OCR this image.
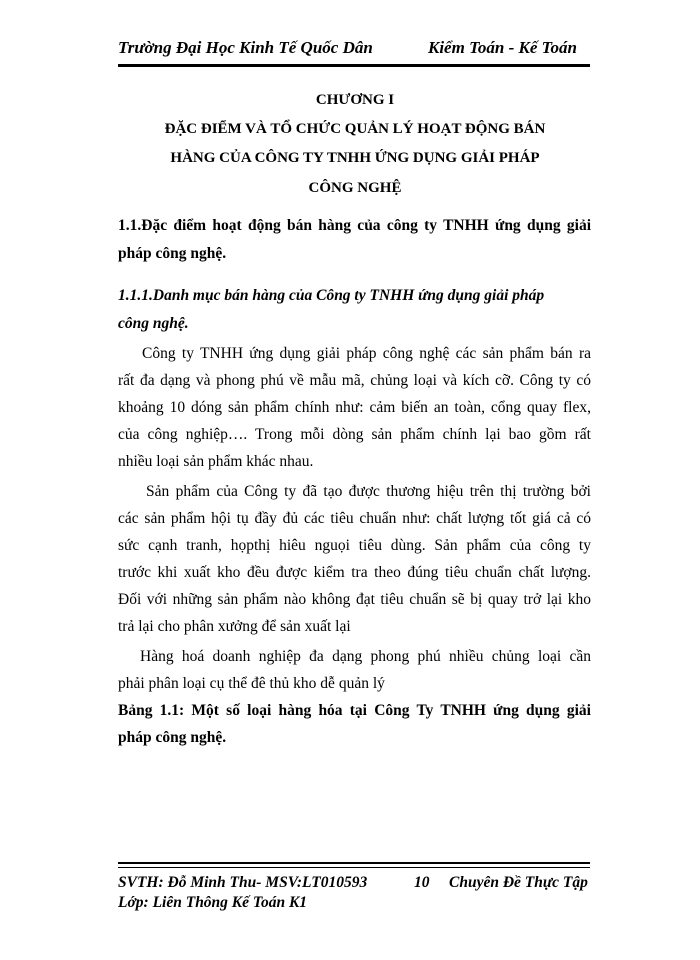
Trường Đại Học Kinh Tế Quốc Dân	Kiểm Toán - Kế Toán
CHƯƠNG I
ĐẶC ĐIỂM VÀ TỔ CHỨC QUẢN LÝ HOẠT ĐỘNG BÁN
HÀNG CỦA CÔNG TY TNHH ỨNG DỤNG GIẢI PHÁP
CÔNG NGHỆ
1.1.Đặc điểm hoạt động bán hàng của công ty TNHH ứng dụng giải
pháp công nghệ.
1.1.1.Danh mục bán hàng của Công ty TNHH ứng dụng giải pháp
công nghệ.
Công ty TNHH ứng dụng giải pháp công nghệ các sản phẩm bán ra
rất đa dạng và phong phú về mẫu mã, chủng loại và kích cỡ. Công ty có
khoảng 10 dóng sản phẩm chính như: cảm biến an toàn, cổng quay flex,
của công nghiệp…. Trong mỗi dòng sản phẩm chính lại bao gồm rất
nhiều loại sản phẩm khác nhau.
Sản phẩm của Công ty đã tạo được thương hiệu trên thị trường bởi
các sản phẩm hội tụ đầy đủ các tiêu chuẩn như: chất lượng tốt giá cả có
sức cạnh tranh, họpthị hiêu nguọi tiêu dùng. Sản phẩm của công ty
trước khi xuất kho đều được kiểm tra theo đúng tiêu chuẩn chất lượng.
Đối với những sản phẩm nào không đạt tiêu chuẩn sẽ bị quay trở lại kho
trả lại cho phân xưởng để sản xuất lại
Hàng hoá doanh nghiệp đa dạng phong phú nhiều chủng loại cần
phải phân loại cụ thể đê thủ kho dễ quản lý
Bảng 1.1: Một số loại hàng hóa tại Công Ty TNHH ứng dụng giải
pháp công nghệ.
SVTH: Đỗ Minh Thu- MSV:LT010593	10 Chuyên Đề Thực Tập
Lớp: Liên Thông Kế Toán K1
